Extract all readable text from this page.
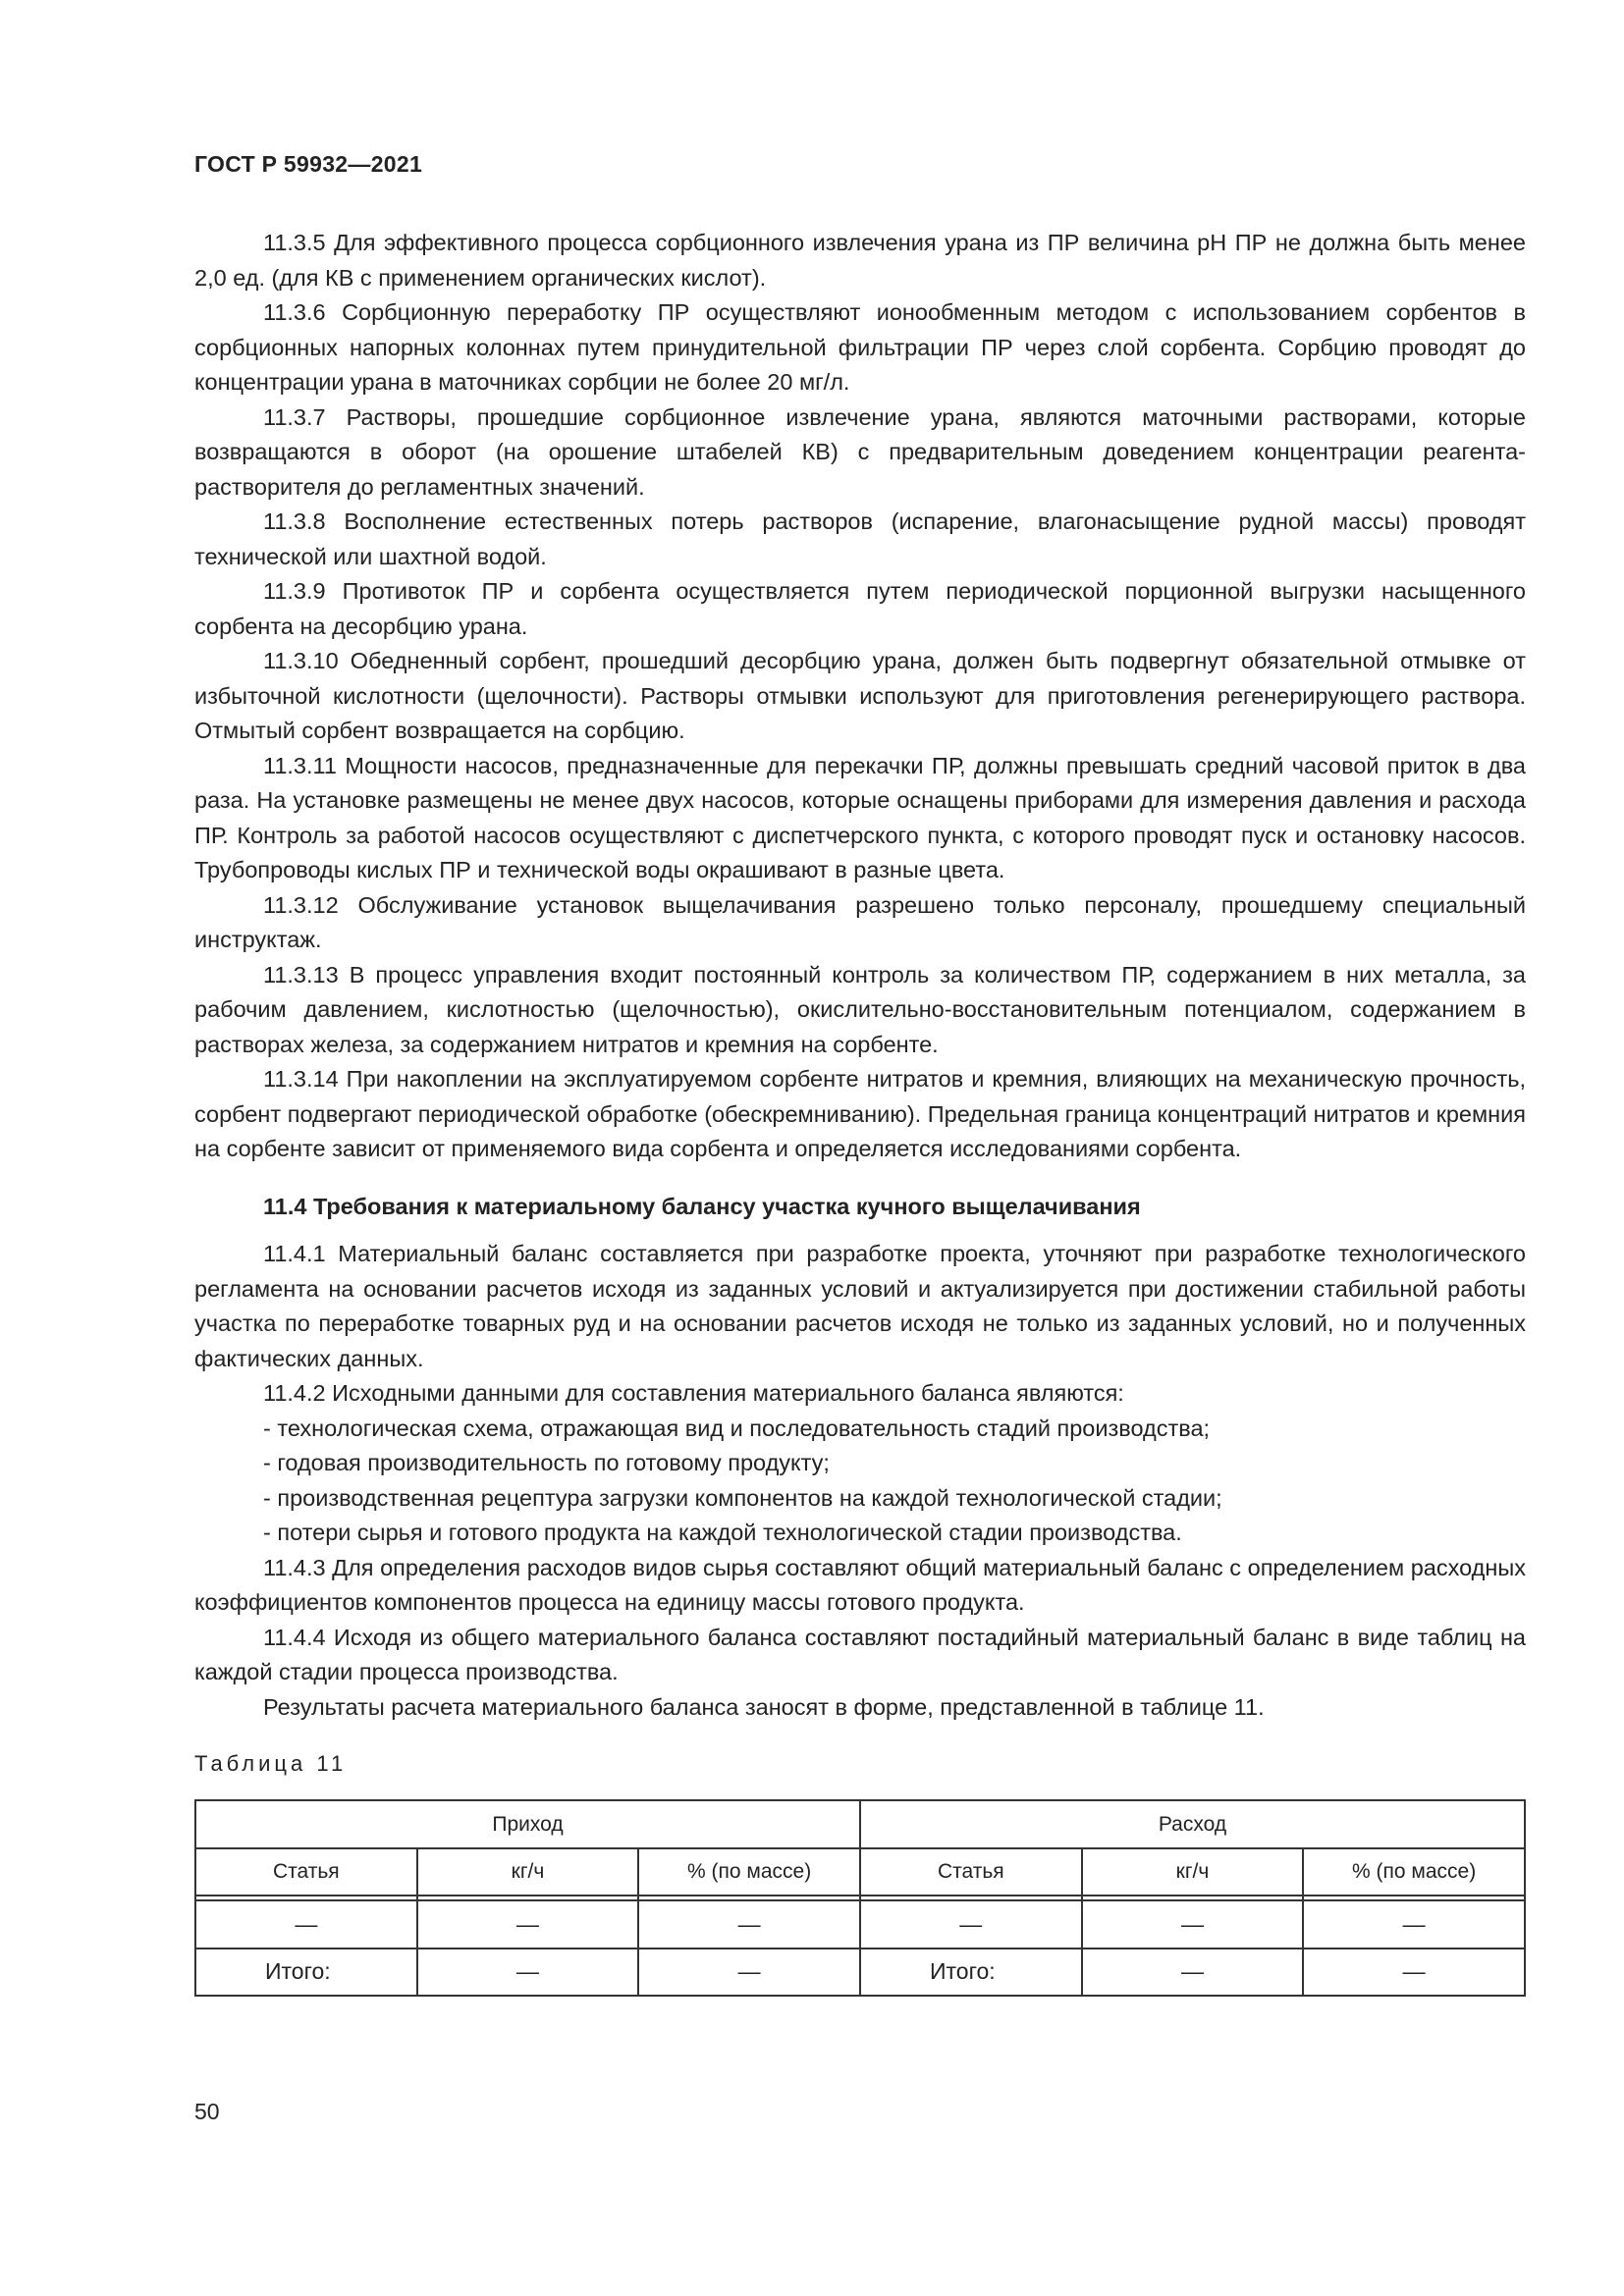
ГОСТ Р 59932—2021

11.3.5 Для эффективного процесса сорбционного извлечения урана из ПР величина pH ПР не должна быть менее 2,0 ед. (для КВ с применением органических кислот).

11.3.6 Сорбционную переработку ПР осуществляют ионообменным методом с использованием сорбентов в сорбционных напорных колоннах путем принудительной фильтрации ПР через слой сорбента. Сорбцию проводят до концентрации урана в маточниках сорбции не более 20 мг/л.

11.3.7 Растворы, прошедшие сорбционное извлечение урана, являются маточными растворами, которые возвращаются в оборот (на орошение штабелей КВ) с предварительным доведением концентрации реагента-растворителя до регламентных значений.

11.3.8 Восполнение естественных потерь растворов (испарение, влагонасыщение рудной массы) проводят технической или шахтной водой.

11.3.9 Противоток ПР и сорбента осуществляется путем периодической порционной выгрузки насыщенного сорбента на десорбцию урана.

11.3.10 Обедненный сорбент, прошедший десорбцию урана, должен быть подвергнут обязательной отмывке от избыточной кислотности (щелочности). Растворы отмывки используют для приготовления регенерирующего раствора. Отмытый сорбент возвращается на сорбцию.

11.3.11 Мощности насосов, предназначенные для перекачки ПР, должны превышать средний часовой приток в два раза. На установке размещены не менее двух насосов, которые оснащены приборами для измерения давления и расхода ПР. Контроль за работой насосов осуществляют с диспетчерского пункта, с которого проводят пуск и остановку насосов. Трубопроводы кислых ПР и технической воды окрашивают в разные цвета.

11.3.12 Обслуживание установок выщелачивания разрешено только персоналу, прошедшему специальный инструктаж.

11.3.13 В процесс управления входит постоянный контроль за количеством ПР, содержанием в них металла, за рабочим давлением, кислотностью (щелочностью), окислительно-восстановительным потенциалом, содержанием в растворах железа, за содержанием нитратов и кремния на сорбенте.

11.3.14 При накоплении на эксплуатируемом сорбенте нитратов и кремния, влияющих на механическую прочность, сорбент подвергают периодической обработке (обескремниванию). Предельная граница концентраций нитратов и кремния на сорбенте зависит от применяемого вида сорбента и определяется исследованиями сорбента.

11.4 Требования к материальному балансу участка кучного выщелачивания

11.4.1 Материальный баланс составляется при разработке проекта, уточняют при разработке технологического регламента на основании расчетов исходя из заданных условий и актуализируется при достижении стабильной работы участка по переработке товарных руд и на основании расчетов исходя не только из заданных условий, но и полученных фактических данных.

11.4.2 Исходными данными для составления материального баланса являются:

- технологическая схема, отражающая вид и последовательность стадий производства;
- годовая производительность по готовому продукту;
- производственная рецептура загрузки компонентов на каждой технологической стадии;
- потери сырья и готового продукта на каждой технологической стадии производства.

11.4.3 Для определения расходов видов сырья составляют общий материальный баланс с определением расходных коэффициентов компонентов процесса на единицу массы готового продукта.

11.4.4 Исходя из общего материального баланса составляют постадийный материальный баланс в виде таблиц на каждой стадии процесса производства.

Результаты расчета материального баланса заносят в форме, представленной в таблице 11.

Таблица 11
Приход			Расход		
Статья	кг/ч	% (по массе)	Статья	кг/ч	% (по массе)

—	—	—	—	—	—
Итого:	—	—	Итого:	—	—
50
